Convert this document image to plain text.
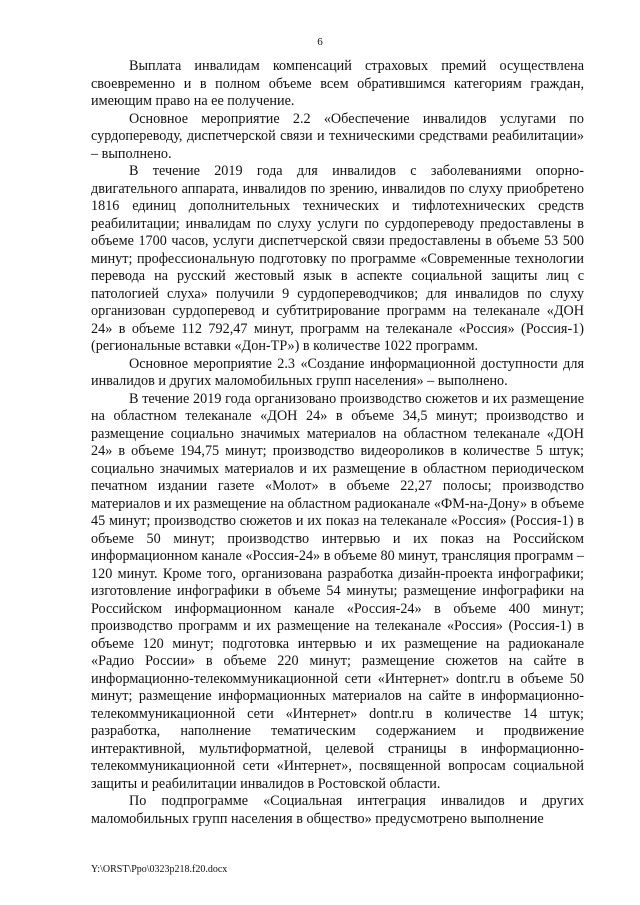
6

Выплата инвалидам компенсаций страховых премий осуществлена своевременно и в полном объеме всем обратившимся категориям граждан, имеющим право на ее получение.

Основное мероприятие 2.2 «Обеспечение инвалидов услугами по сурдопереводу, диспетчерской связи и техническими средствами реабилитации» – выполнено.

В течение 2019 года для инвалидов с заболеваниями опорно-двигательного аппарата, инвалидов по зрению, инвалидов по слуху приобретено 1816 единиц дополнительных технических и тифлотехнических средств реабилитации; инвалидам по слуху услуги по сурдопереводу предоставлены в объеме 1700 часов, услуги диспетчерской связи предоставлены в объеме 53 500 минут; профессиональную подготовку по программе «Современные технологии перевода на русский жестовый язык в аспекте социальной защиты лиц с патологией слуха» получили 9 сурдопереводчиков; для инвалидов по слуху организован сурдоперевод и субтитрирование программ на телеканале «ДОН 24» в объеме 112 792,47 минут, программ на телеканале «Россия» (Россия-1) (региональные вставки «Дон-ТР») в количестве 1022 программ.

Основное мероприятие 2.3 «Создание информационной доступности для инвалидов и других маломобильных групп населения» – выполнено.

В течение 2019 года организовано производство сюжетов и их размещение на областном телеканале «ДОН 24» в объеме 34,5 минут; производство и размещение социально значимых материалов на областном телеканале «ДОН 24» в объеме 194,75 минут; производство видеороликов в количестве 5 штук; социально значимых материалов и их размещение в областном периодическом печатном издании газете «Молот» в объеме 22,27 полосы; производство материалов и их размещение на областном радиоканале «ФМ-на-Дону» в объеме 45 минут; производство сюжетов и их показ на телеканале «Россия» (Россия-1) в объеме 50 минут; производство интервью и их показ на Российском информационном канале «Россия-24» в объеме 80 минут, трансляция программ – 120 минут. Кроме того, организована разработка дизайн-проекта инфографики; изготовление инфографики в объеме 54 минуты; размещение инфографики на Российском информационном канале «Россия-24» в объеме 400 минут; производство программ и их размещение на телеканале «Россия» (Россия-1) в объеме 120 минут; подготовка интервью и их размещение на радиоканале «Радио России» в объеме 220 минут; размещение сюжетов на сайте в информационно-телекоммуникационной сети «Интернет» dontr.ru в объеме 50 минут; размещение информационных материалов на сайте в информационно-телекоммуникационной сети «Интернет» dontr.ru в количестве 14 штук; разработка, наполнение тематическим содержанием и продвижение интерактивной, мультиформатной, целевой страницы в информационно-телекоммуникационной сети «Интернет», посвященной вопросам социальной защиты и реабилитации инвалидов в Ростовской области.

По подпрограмме «Социальная интеграция инвалидов и других маломобильных групп населения в общество» предусмотрено выполнение

Y:\ORST\Ppo\0323p218.f20.docx
